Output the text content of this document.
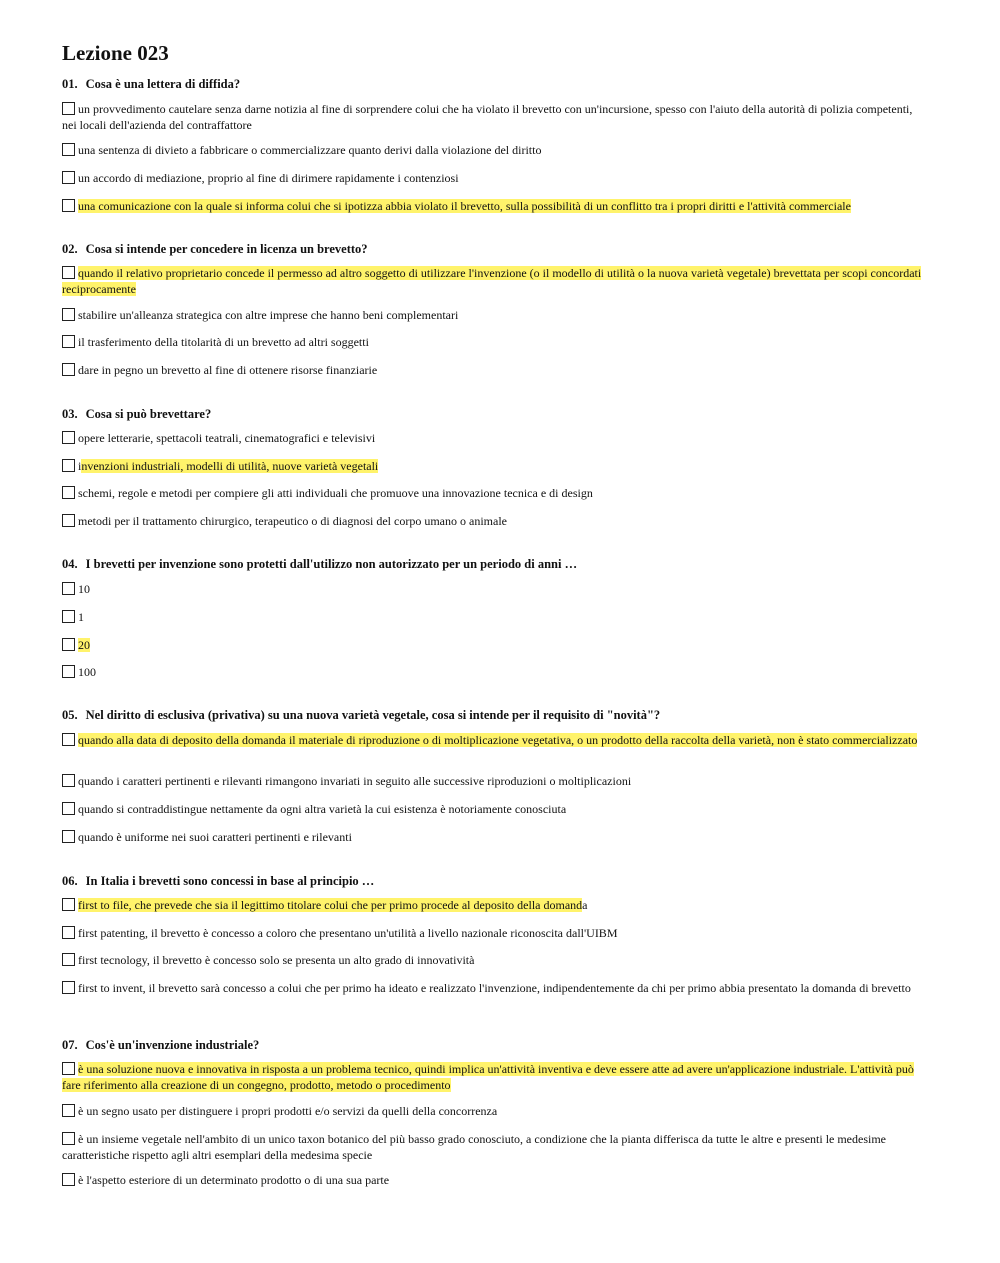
Lezione 023
01. Cosa è una lettera di diffida?
un provvedimento cautelare senza darne notizia al fine di sorprendere colui che ha violato il brevetto con un'incursione, spesso con l'aiuto della autorità di polizia competenti, nei locali dell'azienda del contraffattore
una sentenza di divieto a fabbricare o commercializzare quanto derivi dalla violazione del diritto
un accordo di mediazione, proprio al fine di dirimere rapidamente i contenziosi
una comunicazione con la quale si informa colui che si ipotizza abbia violato il brevetto, sulla possibilità di un conflitto tra i propri diritti e l'attività commerciale
02. Cosa si intende per concedere in licenza un brevetto?
quando il relativo proprietario concede il permesso ad altro soggetto di utilizzare l'invenzione (o il modello di utilità o la nuova varietà vegetale) brevettata per scopi concordati reciprocamente
stabilire un'alleanza strategica con altre imprese che hanno beni complementari
il trasferimento della titolarità di un brevetto ad altri soggetti
dare in pegno un brevetto al fine di ottenere risorse finanziarie
03. Cosa si può brevettare?
opere letterarie, spettacoli teatrali, cinematografici e televisivi
invenzioni industriali, modelli di utilità, nuove varietà vegetali
schemi, regole e metodi per compiere gli atti individuali che promuove una innovazione tecnica e di design
metodi per il trattamento chirurgico, terapeutico o di diagnosi del corpo umano o animale
04. I brevetti per invenzione sono protetti dall'utilizzo non autorizzato per un periodo di anni …
10
1
20
100
05. Nel diritto di esclusiva (privativa) su una nuova varietà vegetale, cosa si intende per il requisito di "novità"?
quando alla data di deposito della domanda il materiale di riproduzione o di moltiplicazione vegetativa, o un prodotto della raccolta della varietà, non è stato commercializzato
quando i caratteri pertinenti e rilevanti rimangono invariati in seguito alle successive riproduzioni o moltiplicazioni
quando si contraddistingue nettamente da ogni altra varietà la cui esistenza è notoriamente conosciuta
quando è uniforme nei suoi caratteri pertinenti e rilevanti
06. In Italia i brevetti sono concessi in base al principio …
first to file, che prevede che sia il legittimo titolare colui che per primo procede al deposito della domanda
first patenting, il brevetto è concesso a coloro che presentano un'utilità a livello nazionale riconoscita dall'UIBM
first tecnology, il brevetto è concesso solo se presenta un alto grado di innovatività
first to invent, il brevetto sarà concesso a colui che per primo ha ideato e realizzato l'invenzione, indipendentemente da chi per primo abbia presentato la domanda di brevetto
07. Cos'è un'invenzione industriale?
è una soluzione nuova e innovativa in risposta a un problema tecnico, quindi implica un'attività inventiva e deve essere atte ad avere un'applicazione industriale. L'attività può fare riferimento alla creazione di un congegno, prodotto, metodo o procedimento
è un segno usato per distinguere i propri prodotti e/o servizi da quelli della concorrenza
è un insieme vegetale nell'ambito di un unico taxon botanico del più basso grado conosciuto, a condizione che la pianta differisca da tutte le altre e presenti le medesime caratteristiche rispetto agli altri esemplari della medesima specie
è l'aspetto esteriore di un determinato prodotto o di una sua parte
